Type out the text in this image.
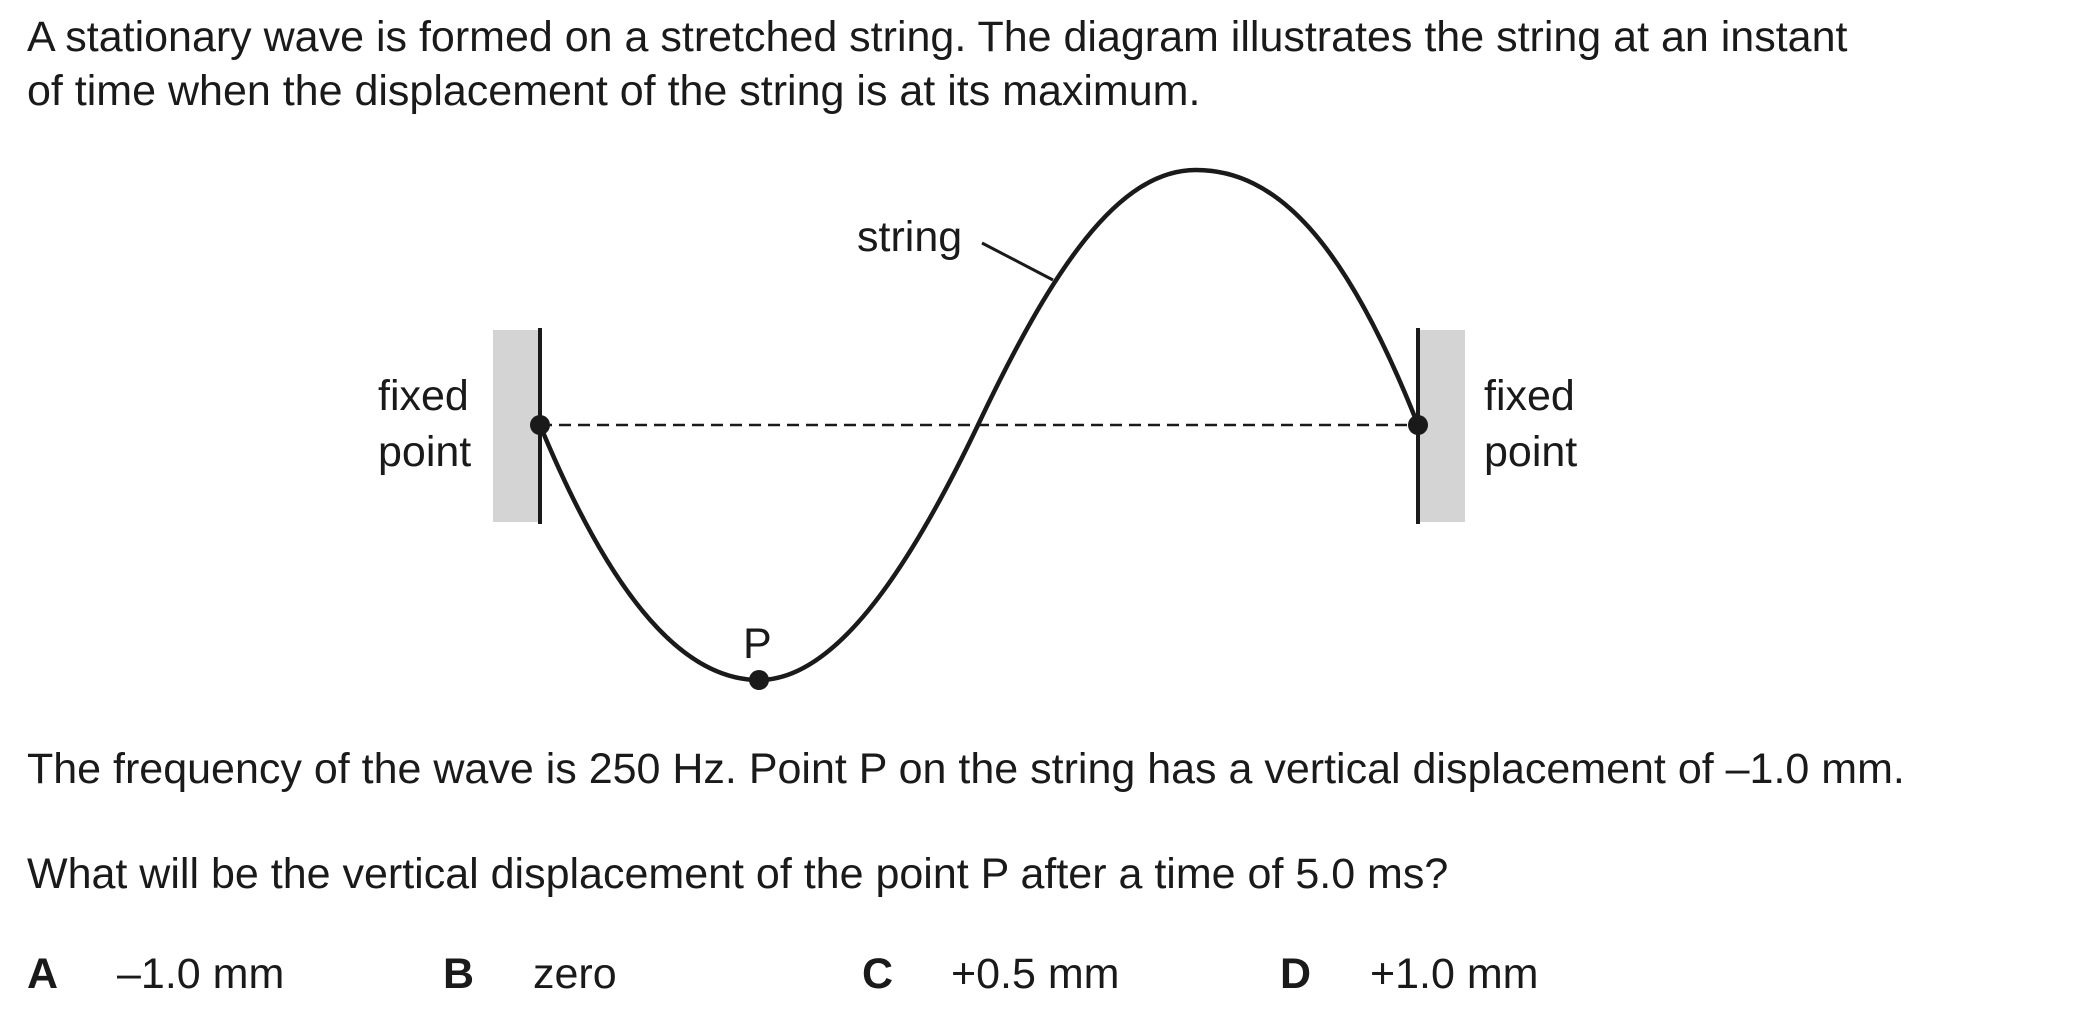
A stationary wave is formed on a stretched string. The diagram illustrates the string at an instant
of time when the displacement of the string is at its maximum.
string
fixed
point
fixed
point
P
The frequency of the wave is 250 Hz. Point P on the string has a vertical displacement of –1.0 mm.
What will be the vertical displacement of the point P after a time of 5.0 ms?
A –1.0 mm	B zero	C +0.5 mm	D +1.0 mm
